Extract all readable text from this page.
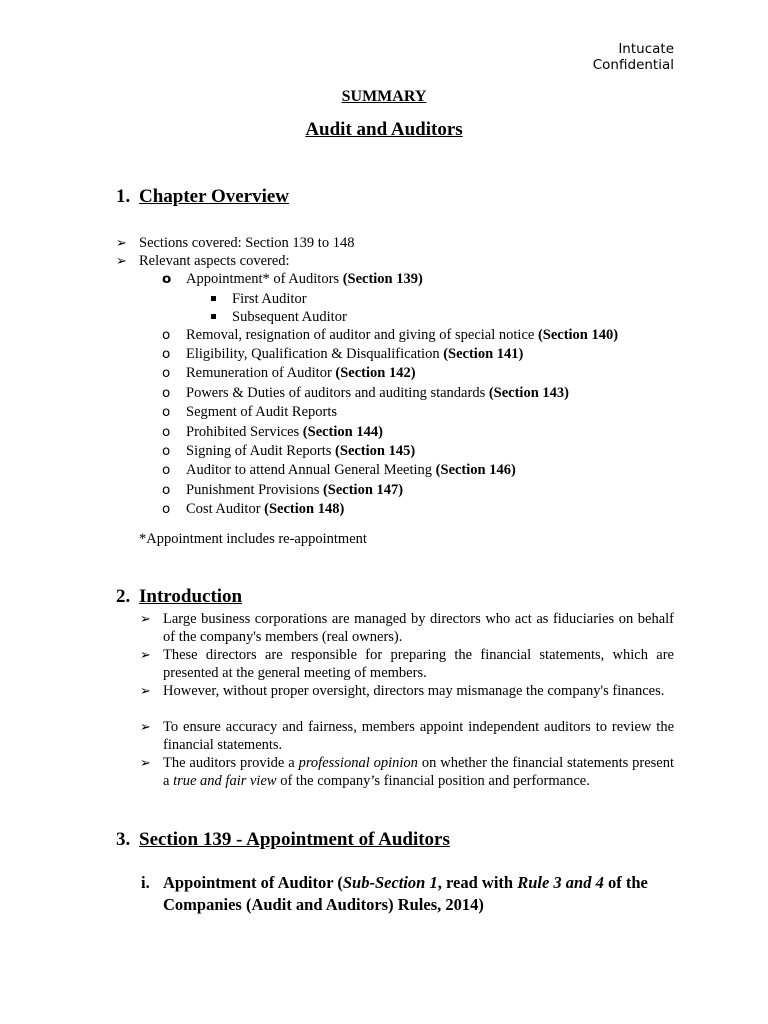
Intucate
Confidential
SUMMARY
Audit and Auditors
1. Chapter Overview
➢ Sections covered: Section 139 to 148
➢ Relevant aspects covered:
o Appointment* of Auditors (Section 139)
First Auditor
Subsequent Auditor
o Removal, resignation of auditor and giving of special notice (Section 140)
o Eligibility, Qualification & Disqualification (Section 141)
o Remuneration of Auditor (Section 142)
o Powers & Duties of auditors and auditing standards (Section 143)
o Segment of Audit Reports
o Prohibited Services (Section 144)
o Signing of Audit Reports (Section 145)
o Auditor to attend Annual General Meeting (Section 146)
o Punishment Provisions (Section 147)
o Cost Auditor (Section 148)
*Appointment includes re-appointment
2. Introduction
➢ Large business corporations are managed by directors who act as fiduciaries on behalf of the company's members (real owners).
➢ These directors are responsible for preparing the financial statements, which are presented at the general meeting of members.
➢ However, without proper oversight, directors may mismanage the company's finances.
➢ To ensure accuracy and fairness, members appoint independent auditors to review the financial statements.
➢ The auditors provide a professional opinion on whether the financial statements present a true and fair view of the company’s financial position and performance.
3. Section 139 - Appointment of Auditors
i. Appointment of Auditor (Sub-Section 1, read with Rule 3 and 4 of the Companies (Audit and Auditors) Rules, 2014)
